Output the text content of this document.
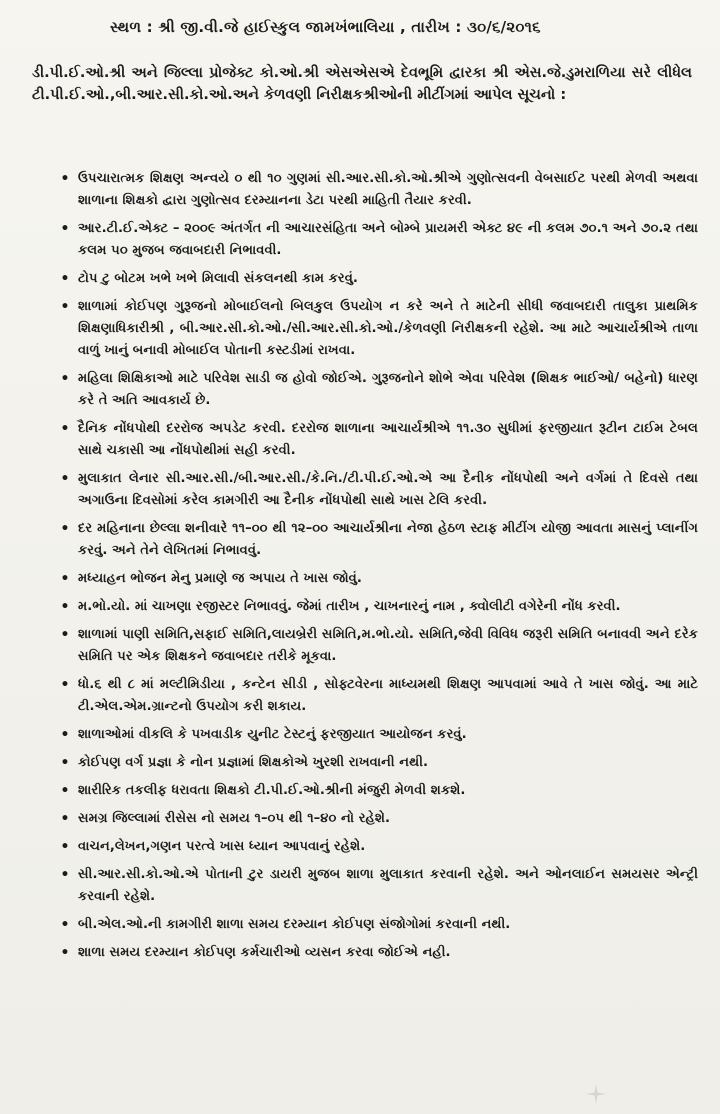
સ્થળ : શ્રી જી.વી.જે હાઈસ્કુલ જામખંભાલિયા , તારીખ : ૩૦/૬/૨૦૧૬
ડી.પી.ઈ.ઓ.શ્રી અને જિલ્લા પ્રોજેક્ટ કો.ઓ.શ્રી એસએસએ દેવભૂમિ દ્વારકા શ્રી એસ.જે.ડુમરાળિયા સરે લીધેલ ટી.પી.ઈ.ઓ.,બી.આર.સી.કો.ઓ.અને કેળવણી નિરીક્ષકશ્રીઓની મીટીંગમાં આપેલ સૂચનો :
• ઉપચારાત્મક શિક્ષણ અન્વયે ૦ થી ૧૦ ગુણમાં સી.આર.સી.કો.ઓ.શ્રીએ ગુણોત્સવની વેબસાઈટ પરથી મેળવી અથવા શાળાના શિક્ષકો દ્વારા ગુણોત્સવ દરમ્યાનના ડેટા પરથી માહિતી તૈયાર કરવી.
• આર.ટી.ઈ.એક્ટ – ૨૦૦૯ અંતર્ગત ની આચારસંહિતા અને બોમ્બે પ્રાયમરી એક્ટ ૪૯ ની કલમ ૭૦.૧ અને ૭૦.૨ તથા કલમ ૫૦ મુજબ જવાબદારી નિભાવવી.
• ટોપ ટુ બોટમ ખભે ખભે મિલાવી સંકલનથી કામ કરવું.
• શાળામાં કોઈપણ ગુરૂજનો મોબાઈલનો બિલકુલ ઉપયોગ ન કરે અને તે માટેની સીધી જવાબદારી તાલુકા પ્રાથમિક શિક્ષણાધિકારીશ્રી , બી.આર.સી.કો.ઓ./સી.આર.સી.કો.ઓ./કેળવણી નિરીક્ષકની રહેશે. આ માટે આચાર્યશ્રીએ તાળા વાળું ખાનું બનાવી મોબાઈલ પોતાની કસ્ટડીમાં રાખવા.
• મહિલા શિક્ષિકાઓ માટે પરિવેશ સાડી જ હોવો જોઈએ. ગુરૂજનોને શોભે એવા પરિવેશ (શિક્ષક ભાઈઓ/ બહેનો) ધારણ કરે તે અતિ આવકાર્ય છે.
• દૈનિક નોંધપોથી દરરોજ અપડેટ કરવી. દરરોજ શાળાના આચાર્યશ્રીએ ૧૧.૩૦ સુધીમાં ફરજીયાત રૂટીન ટાઈમ ટેબલ સાથે ચકાસી આ નોંધપોથીમાં સહી કરવી.
• મુલાકાત લેનાર સી.આર.સી./બી.આર.સી./કે.નિ./ટી.પી.ઈ.ઓ.એ આ દૈનીક નોંધપોથી અને વર્ગમાં તે દિવસે તથા અગાઉના દિવસોમાં કરેલ કામગીરી આ દૈનીક નોંધપોથી સાથે ખાસ ટેલિ કરવી.
• દર મહિનાના છેલ્લા શનીવારે ૧૧–૦૦ થી ૧૨–૦૦ આચાર્યશ્રીના નેજા હેઠળ સ્ટાફ મીટીંગ યોજી આવતા માસનું પ્લાનીંગ કરવું. અને તેને લેખિતમાં નિભાવવું.
• મધ્યાહન ભોજન મેનુ પ્રમાણે જ અપાય તે ખાસ જોવું.
• મ.ભો.યો. માં ચાખણા રજીસ્ટર નિભાવવું. જેમાં તારીખ , ચાખનારનું નામ , ક્વોલીટી વગેરેની નોંધ કરવી.
• શાળામાં પાણી સમિતિ,સફાઈ સમિતિ,લાયબ્રેરી સમિતિ,મ.ભો.યો. સમિતિ,જેવી વિવિધ જરૂરી સમિતિ બનાવવી અને દરેક સમિતિ પર એક શિક્ષકને જવાબદાર તરીકે મૂકવા.
• ધો.૬ થી ૮ માં મલ્ટીમિડીયા , કન્ટેન સીડી , સોફ્ટવેરના માધ્યમથી શિક્ષણ આપવામાં આવે તે ખાસ જોવું. આ માટે ટી.એલ.એમ.ગ્રાન્ટનો ઉપયોગ કરી શકાય.
• શાળાઓમાં વીકલિ કે પખવાડીક યુનીટ ટેસ્ટનું ફરજીયાત આયોજન કરવું.
• કોઈપણ વર્ગ પ્રજ્ઞા કે નોન પ્રજ્ઞામાં શિક્ષકોએ ખુરશી રાખવાની નથી.
• શારીરિક તકલીફ ધરાવતા શિક્ષકો ટી.પી.ઈ.ઓ.શ્રીની મંજુરી મેળવી શકશે.
• સમગ્ર જિલ્લામાં રીસેસ નો સમય ૧–૦૫ થી ૧–૪૦ નો રહેશે.
• વાચન,લેખન,ગણન પરત્વે ખાસ ધ્યાન આપવાનું રહેશે.
• સી.આર.સી.કો.ઓ.એ પોતાની ટુર ડાયરી મુજબ શાળા મુલાકાત કરવાની રહેશે. અને ઓનલાઈન સમયસર એન્ટ્રી કરવાની રહેશે.
• બી.એલ.ઓ.ની કામગીરી શાળા સમય દરમ્યાન કોઈપણ સંજોગોમાં કરવાની નથી.
• શાળા સમય દરમ્યાન કોઈપણ કર્મચારીઓ વ્યસન કરવા જોઈએ નહી.
